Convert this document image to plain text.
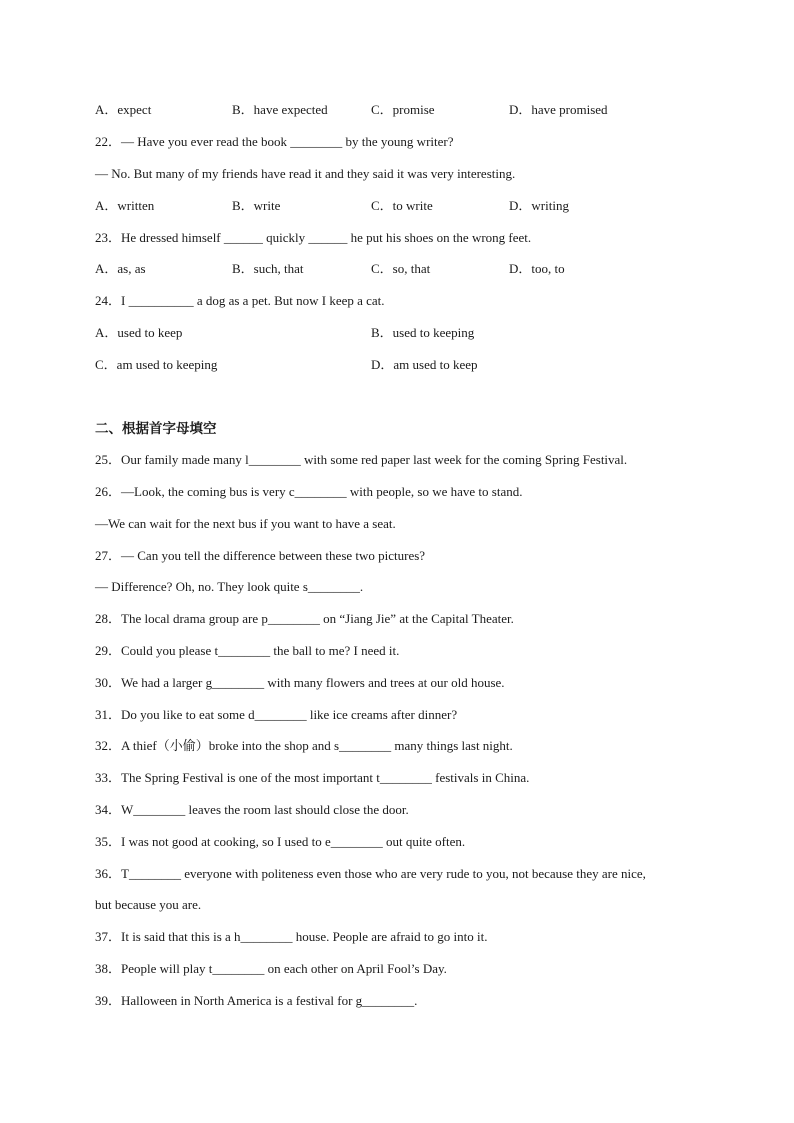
A．expect	B．have expected	C．promise	D．have promised
22．— Have you ever read the book ________ by the young writer?
— No. But many of my friends have read it and they said it was very interesting.
A．written	B．write	C．to write	D．writing
23．He dressed himself ______ quickly ______ he put his shoes on the wrong feet.
A．as, as	B．such, that	C．so, that	D．too, to
24．I __________ a dog as a pet. But now I keep a cat.
A．used to keep	B．used to keeping
C．am used to keeping	D．am used to keep
二、根据首字母填空
25．Our family made many l________ with some red paper last week for the coming Spring Festival.
26．—Look, the coming bus is very c________ with people, so we have to stand.
—We can wait for the next bus if you want to have a seat.
27．— Can you tell the difference between these two pictures?
— Difference? Oh, no. They look quite s________.
28．The local drama group are p________ on “Jiang Jie” at the Capital Theater.
29．Could you please t________ the ball to me? I need it.
30．We had a larger g________ with many flowers and trees at our old house.
31．Do you like to eat some d________ like ice creams after dinner?
32．A thief（小偷）broke into the shop and s________ many things last night.
33．The Spring Festival is one of the most important t________ festivals in China.
34．W________ leaves the room last should close the door.
35．I was not good at cooking, so I used to e________ out quite often.
36．T________ everyone with politeness even those who are very rude to you, not because they are nice,
but because you are.
37．It is said that this is a h________ house. People are afraid to go into it.
38．People will play t________ on each other on April Fool’s Day.
39．Halloween in North America is a festival for g________.
